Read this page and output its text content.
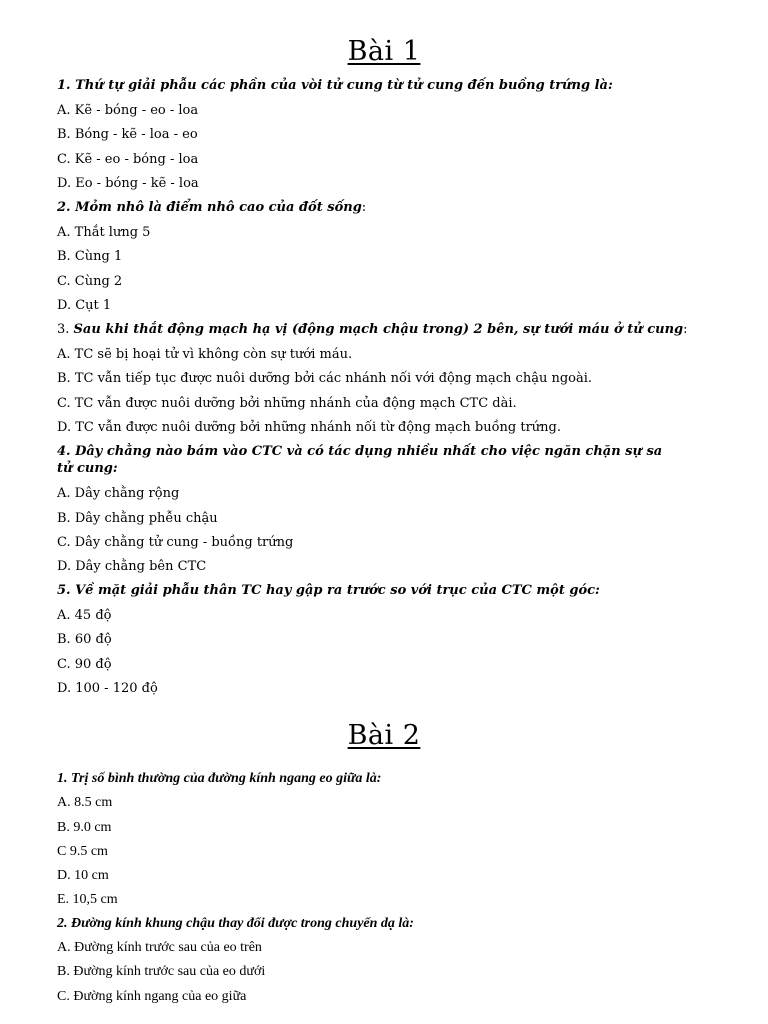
Bài 1
1. Thứ tự giải phẫu các phần của vòi tử cung từ tử cung đến buồng trứng là:
A. Kẽ - bóng - eo - loa
B. Bóng - kẽ - loa - eo
C. Kẽ - eo - bóng - loa
D. Eo - bóng - kẽ - loa
2. Mỏm nhô là điểm nhô cao của đốt sống:
A. Thắt lưng 5
B. Cùng 1
C. Cùng 2
D. Cụt 1
3. Sau khi thắt động mạch hạ vị (động mạch chậu trong) 2 bên, sự tưới máu ở tử cung:
A. TC sẽ bị hoại tử vì không còn sự tưới máu.
B. TC vẫn tiếp tục được nuôi dưỡng bởi các nhánh nối với động mạch chậu ngoài.
C. TC vẫn được nuôi dưỡng bởi những nhánh của động mạch CTC dài.
D. TC vẫn được nuôi dưỡng bởi những nhánh nối từ động mạch buồng trứng.
4. Dây chằng nào bám vào CTC và có tác dụng nhiều nhất cho việc ngăn chặn sự sa tử cung:
A. Dây chằng rộng
B. Dây chằng phễu chậu
C. Dây chằng tử cung - buồng trứng
D. Dây chằng bên CTC
5. Về mặt giải phẫu thân TC hay gập ra trước so với trục của CTC một góc:
A. 45 độ
B. 60 độ
C. 90 độ
D. 100 - 120 độ
Bài 2
1. Trị số bình thường của đường kính ngang eo giữa là:
A. 8.5 cm
B. 9.0 cm
C 9.5 cm
D. 10 cm
E. 10,5 cm
2. Đường kính khung chậu thay đổi được trong chuyển dạ là:
A. Đường kính trước sau của eo trên
B. Đường kính trước sau của eo dưới
C. Đường kính ngang của eo giữa
